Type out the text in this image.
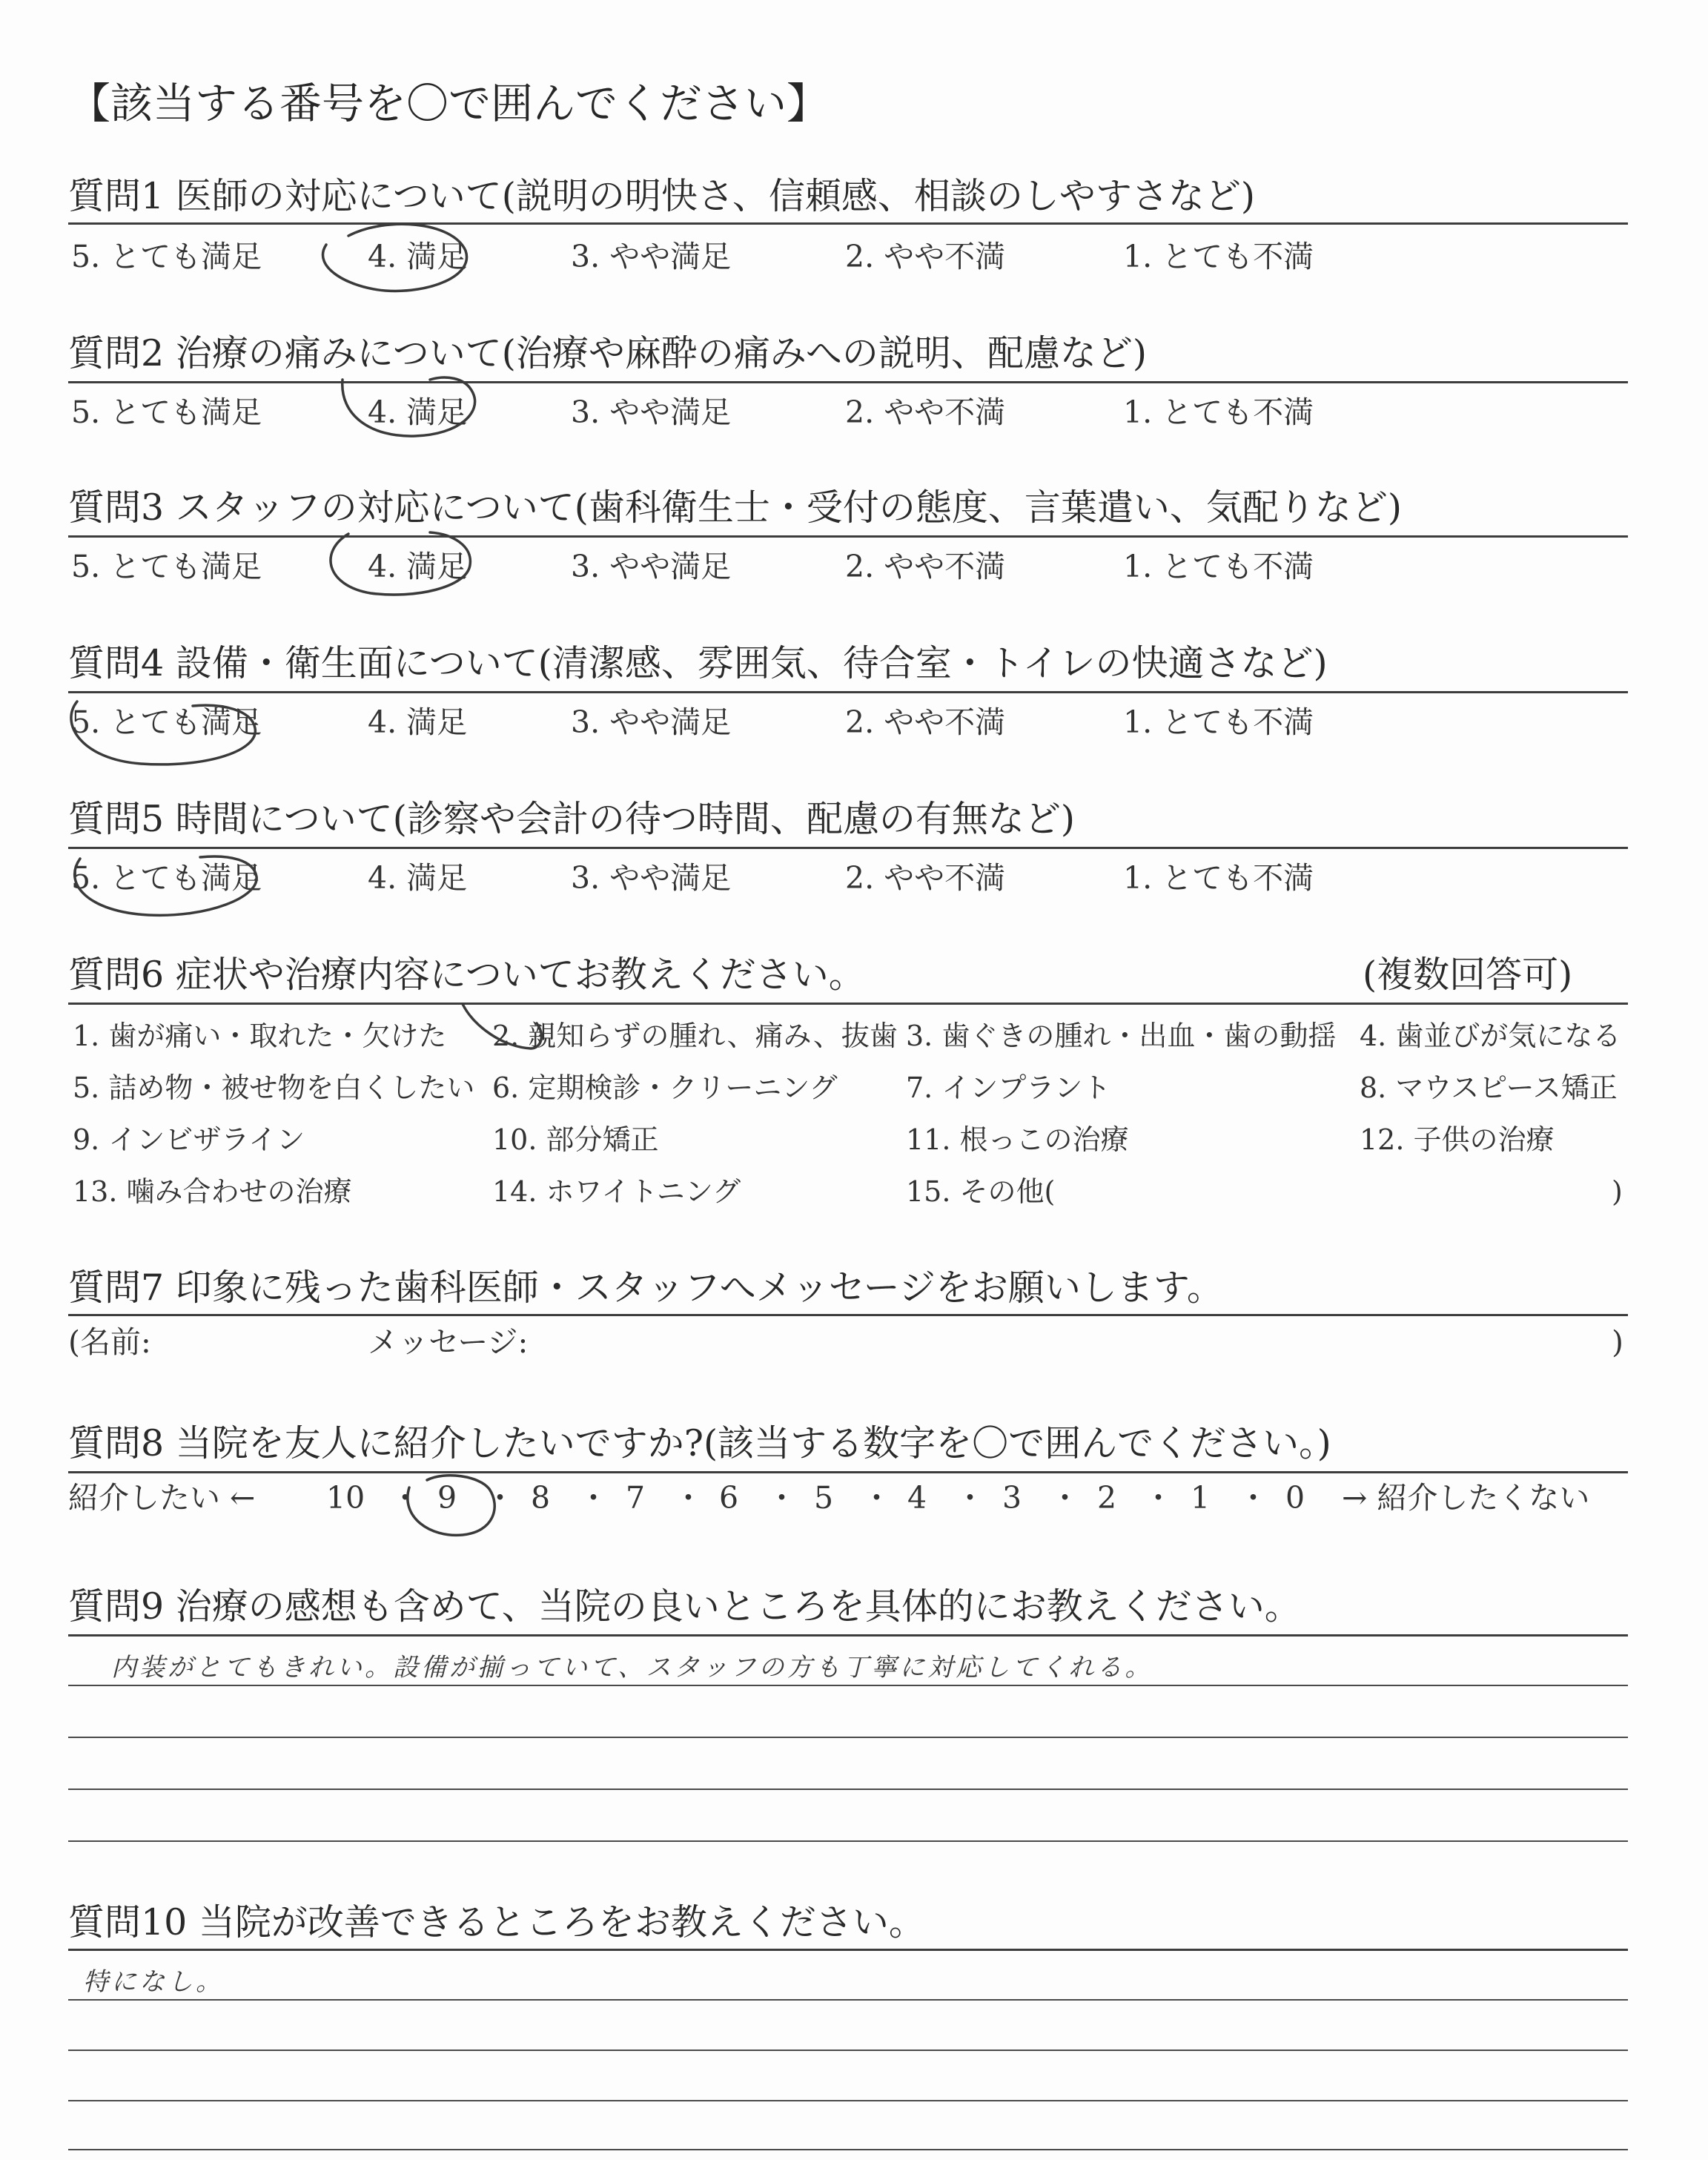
【該当する番号を〇で囲んでください】
質問1 医師の対応について(説明の明快さ、信頼感、相談のしやすさなど)
5. とても満足	4. 満足	3. やや満足	2. やや不満	1. とても不満
質問2 治療の痛みについて(治療や麻酔の痛みへの説明、配慮など)
5. とても満足	4. 満足	3. やや満足	2. やや不満	1. とても不満
質問3 スタッフの対応について(歯科衛生士・受付の態度、言葉遣い、気配りなど)
5. とても満足	4. 満足	3. やや満足	2. やや不満	1. とても不満
質問4 設備・衛生面について(清潔感、雰囲気、待合室・トイレの快適さなど)
5. とても満足	4. 満足	3. やや満足	2. やや不満	1. とても不満
質問5 時間について(診察や会計の待つ時間、配慮の有無など)
5. とても満足	4. 満足	3. やや満足	2. やや不満	1. とても不満
質問6 症状や治療内容についてお教えください。	(複数回答可)
1. 歯が痛い・取れた・欠けた 2. 親知らずの腫れ、痛み、抜歯 3. 歯ぐきの腫れ・出血・歯の動揺 4. 歯並びが気になる
5. 詰め物・被せ物を白くしたい 6. 定期検診・クリーニング 7. インプラント	8. マウスピース矯正
9. インビザライン	10. 部分矯正	11. 根っこの治療	12. 子供の治療
13. 噛み合わせの治療	14. ホワイトニング	15. その他(	)
質問7 印象に残った歯科医師・スタッフへメッセージをお願いします。
(名前:	メッセージ:	)
質問8 当院を友人に紹介したいですか?(該当する数字を〇で囲んでください。)
紹介したい ← 10 ・ 9 ・ 8 ・ 7 ・ 6 ・ 5 ・ 4 ・ 3 ・ 2 ・ 1 ・ 0 → 紹介したくない
質問9 治療の感想も含めて、当院の良いところを具体的にお教えください。
内装がとてもきれい。設備が揃っていて、スタッフの方も丁寧に対応してくれる。
質問10 当院が改善できるところをお教えください。
特になし。
